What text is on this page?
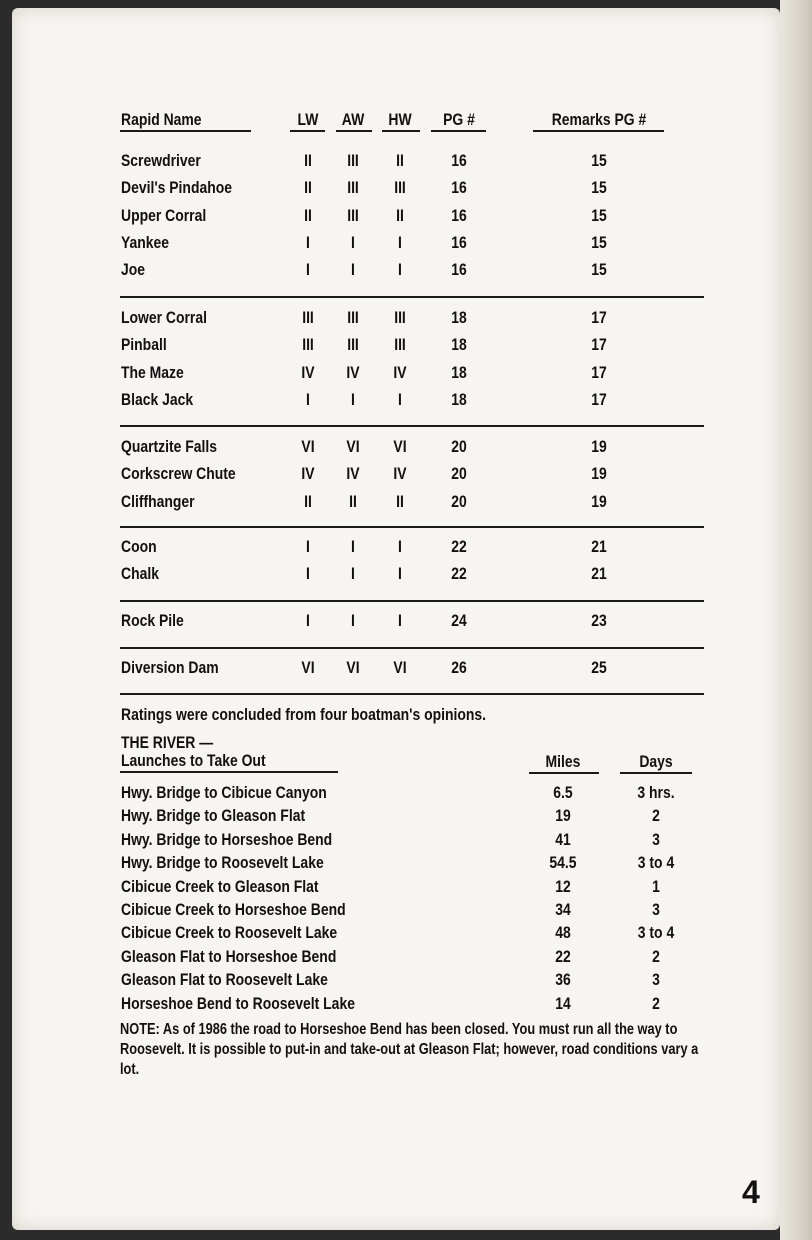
Rapid Name	LW AW HW PG #	Remarks PG #
Screwdriver	II III II	16	15
Devil's Pindahoe	II III III	16	15
Upper Corral	II III II	16	15
Yankee	I I	I	16	15
Joe	I I	I	16	15
Lower Corral	III III III	18	17
Pinball	III III III	18	17
The Maze	IV IV IV	18	17
Black Jack	I I	I	18	17
Quartzite Falls	VI VI VI	20	19
Corkscrew Chute	IV IV IV	20	19
Cliffhanger	II II II	20	19
Coon	I I	I	22	21
Chalk	I I	I	22	21
Rock Pile	I I	I	24	23
Diversion Dam	VI VI VI	26	25
Ratings were concluded from four boatman's opinions.
THE RIVER —
Launches to Take Out	Miles	Days
Hwy. Bridge to Cibicue Canyon	6.5	3 hrs.
Hwy. Bridge to Gleason Flat	19	2
Hwy. Bridge to Horseshoe Bend	41	3
Hwy. Bridge to Roosevelt Lake	54.5	3 to 4
Cibicue Creek to Gleason Flat	12	1
Cibicue Creek to Horseshoe Bend	34	3
Cibicue Creek to Roosevelt Lake	48	3 to 4
Gleason Flat to Horseshoe Bend	22	2
Gleason Flat to Roosevelt Lake	36	3
Horseshoe Bend to Roosevelt Lake	14	2
NOTE: As of 1986 the road to Horseshoe Bend has been closed. You must run all the way to Roosevelt. It is possible to put-in and take-out at Gleason Flat; however, road conditions vary a lot.
4
